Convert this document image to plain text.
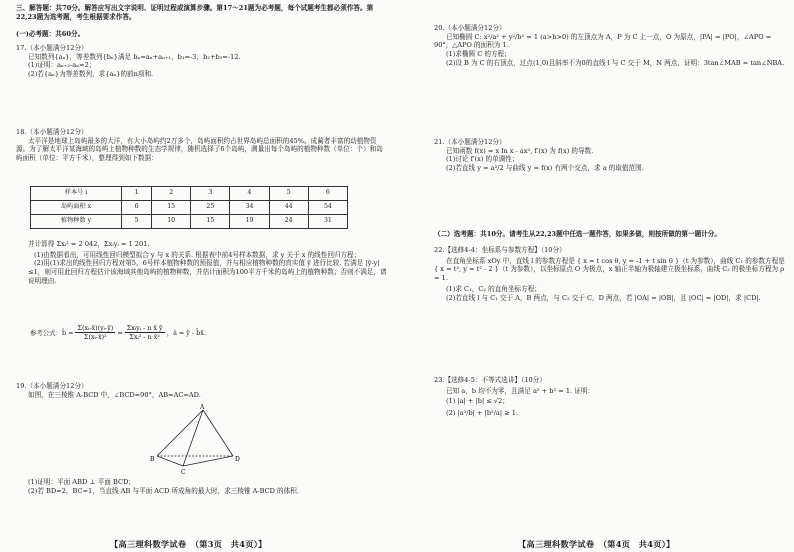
三、解答题：共70分。解答应写出文字说明、证明过程或演算步骤。第17～21题为必考题，每个试题考生都必须作答。第22,23题为选考题，考生根据要求作答。

(一)必考题：共60分。

17.（本小题满分12分）

已知数列{aₙ}，等差数列{bₙ}满足 bₙ=aₙ+aₙ₊₁，b₁=-3，b₂+b₃=-12.

(1)证明：aₙ₊₂-aₙ=2；

(2)若{aₙ}为等差数列，求{aₙ}的前n项和.

18.（本小题满分12分）

太平洋是地球上岛屿最多的大洋，有大小岛屿约2万多个，岛屿面积约占世界岛屿总面积的45%。成蔺者丰富的动植物资源。为了解太平洋某海域的岛屿上植物种数的生态学规律，随机选择了6个岛屿，测量出每个岛屿的植物种数（单位：个）和岛屿面积（单位：平方千米），整理得到如下数据：

样本号 i	1	2	3	4	5	6
岛屿面积 x	6	15	25	34	44	54
植物种数 y	5	10	15	19	24	31

并计算得 Σxᵢ² = 2 042，Σxᵢyᵢ = 1 201.

(1)由数据看出，可用线性回归模型拟合 y 与 x 的关系. 根据表中前4号样本数据，求 y 关于 x 的线性回归方程；

(2)用(1)求出的线性回归方程对第5，6号样本植物种数的预报值，并与相应植物种数的真实值 ŷ 进行比较. 若满足 |ŷ-y| ≤1，则可用此回归方程估计该海域其他岛屿的植物种数，并估计面积为100平方千米的岛屿上的植物种数；否则不满足，请说明理由.

参考公式：b̂ = $\frac{\text{Σ(xᵢ-x̄)(yᵢ-ȳ)}}{\text{Σ(xᵢ-x̄)²}} = \frac{\text{Σxᵢyᵢ - n x̄ ȳ}}{\text{Σxᵢ² - n x̄²}}$ ，â = ȳ - b̂x̄.

19.（本小题满分12分）

如图，在三棱锥 A-BCD 中，∠BCD=90°，AB=AC=AD.

A
B
C
D

(1)证明：平面 ABD ⊥ 平面 BCD；

(2)若 BD=2，BC=1，当直线 AB 与平面 ACD 所成角的最大时，求三棱锥 A-BCD 的体积.

【高三理科数学试卷　（第3页　共4页）】

20.（本小题满分12分）

已知椭圆 C: x²/a² + y²/b² = 1 (a>b>0) 的左顶点为 A，P 为 C 上一点，O 为原点，|PA| = |PO|，∠APO = 90°，△APO 的面积为 1.

(1)求椭圆 C 的方程；

(2)设 B 为 C 的右顶点，过点(1,0)且斜率不为0的直线 l 与 C 交于 M，N 两点，证明：3tan∠MAB = tan∠NBA.

21.（本小题满分12分）

已知函数 f(x) = x ln x - ax², f′(x) 为 f(x) 的导数.

(1)讨论 f′(x) 的单调性；

(2)若直线 y = a²/2 与曲线 y = f(x) 有两个交点，求 a 的取值范围.

（二）选考题：共10分。请考生从22,23题中任选一题作答，如果多做，则按所做的第一题计分。

22.【选修4-4：坐标系与参数方程】（10分）

在直角坐标系 xOy 中，直线 l 的参数方程是 { x = t cos θ, y = -1 + t sin θ }（t 为参数），曲线 C₁ 的参数方程是 { x = t², y = t² - 2 }（t 为参数），以坐标原点 O 为极点，x 轴正半轴为极轴建立极坐标系，曲线 C₂ 的极坐标方程为 ρ = 1.

(1)求 C₁，C₂ 的直角坐标方程；

(2)若直线 l 与 C₁ 交于 A，B 两点，与 C₂ 交于 C，D 两点，若 |OA| = |OB|，且 |OC| = |OD|，求 |CD|.

23.【选修4-5：不等式选讲】（10分）

已知 a，b 均不为零，且满足 a² + b² = 1. 证明：

(1) |a| + |b| ≤ √2；

(2) |a³/b| + |b³/a| ≥ 1.

【高三理科数学试卷　（第4页　共4页）】
